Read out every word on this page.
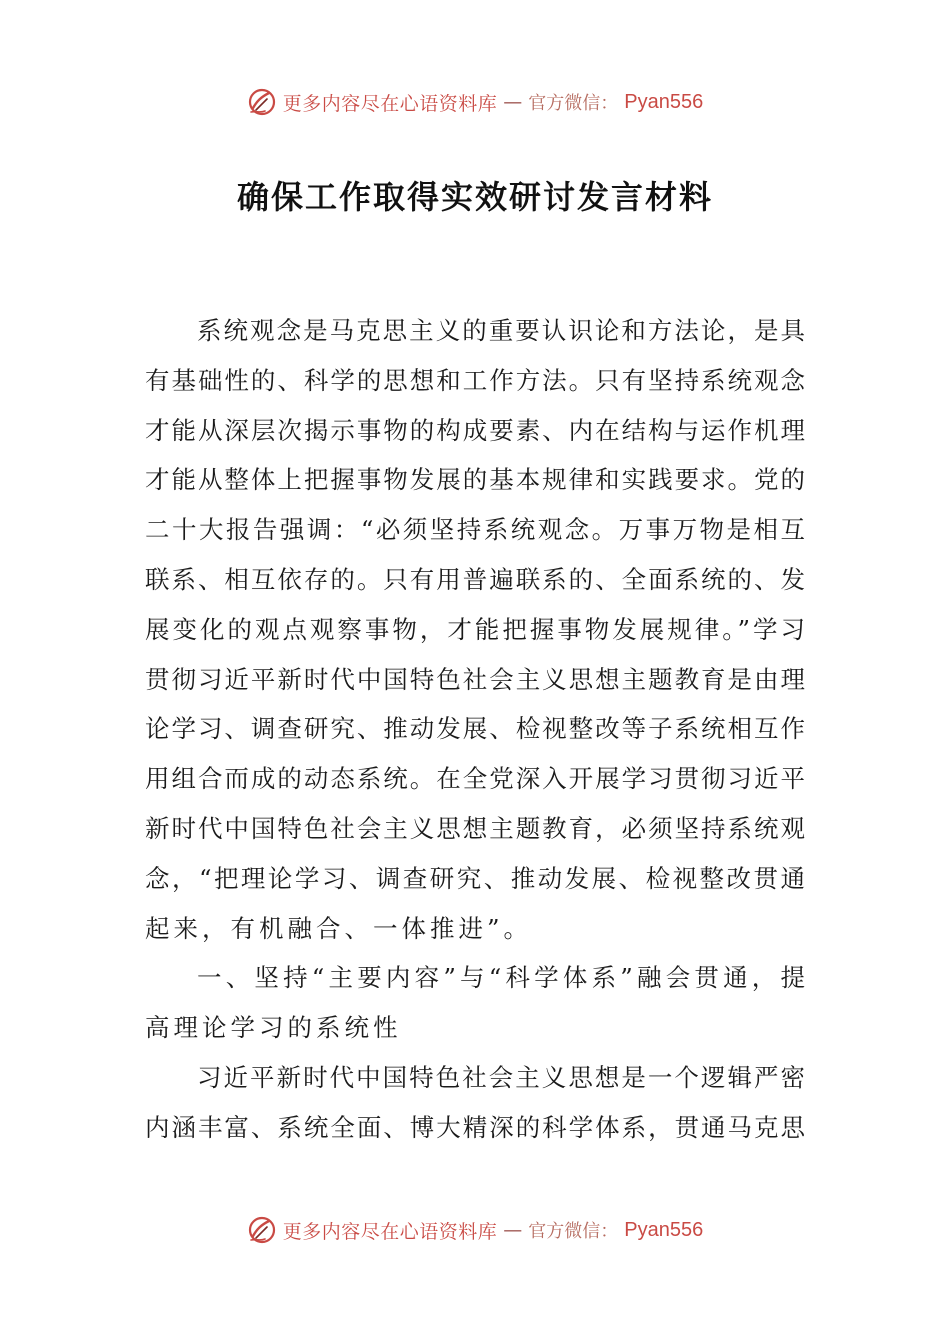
更多内容尽在心语资料库 — 官方微信： Pyan556
确保工作取得实效研讨发言材料
系统观念是马克思主义的重要认识论和方法论，是具
有基础性的、科学的思想和工作方法。只有坚持系统观念
才能从深层次揭示事物的构成要素、内在结构与运作机理
才能从整体上把握事物发展的基本规律和实践要求。党的
二十大报告强调：“必须坚持系统观念。万事万物是相互
联系、相互依存的。只有用普遍联系的、全面系统的、发
展变化的观点观察事物，才能把握事物发展规律。”学习
贯彻习近平新时代中国特色社会主义思想主题教育是由理
论学习、调查研究、推动发展、检视整改等子系统相互作
用组合而成的动态系统。在全党深入开展学习贯彻习近平
新时代中国特色社会主义思想主题教育，必须坚持系统观
念，“把理论学习、调查研究、推动发展、检视整改贯通
起来，有机融合、一体推进”。
一、坚持“主要内容”与“科学体系”融会贯通，提
高理论学习的系统性
习近平新时代中国特色社会主义思想是一个逻辑严密
内涵丰富、系统全面、博大精深的科学体系，贯通马克思
更多内容尽在心语资料库 — 官方微信： Pyan556
